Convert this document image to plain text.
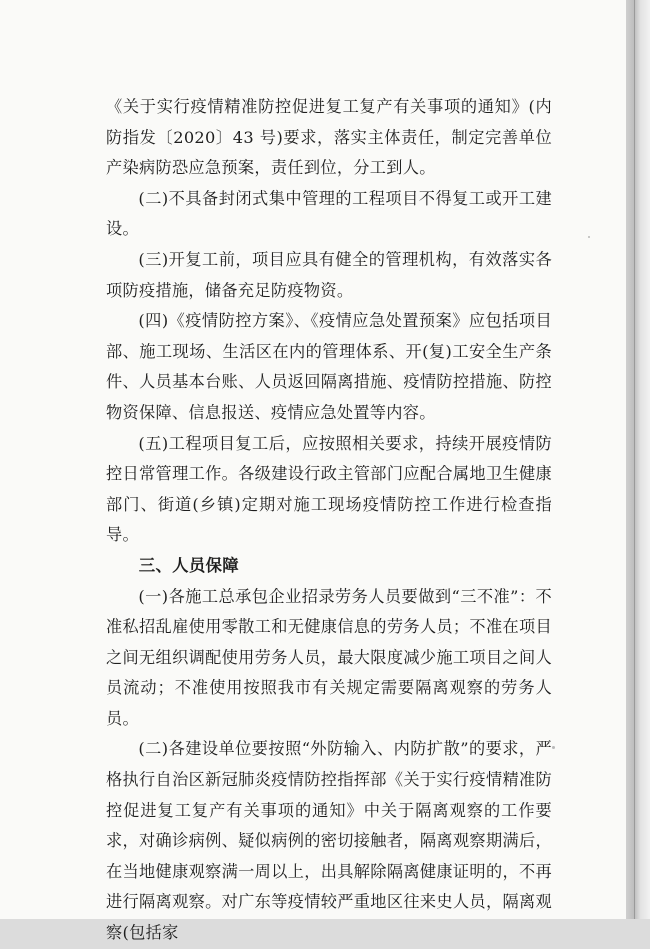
《关于实行疫情精准防控促进复工复产有关事项的通知》(内防指发〔2020〕43 号)要求，落实主体责任，制定完善单位产染病防恐应急预案，责任到位，分工到人。

(二)不具备封闭式集中管理的工程项目不得复工或开工建设。

(三)开复工前，项目应具有健全的管理机构，有效落实各项防疫措施，储备充足防疫物资。

(四)《疫情防控方案》、《疫情应急处置预案》应包括项目部、施工现场、生活区在内的管理体系、开(复)工安全生产条件、人员基本台账、人员返回隔离措施、疫情防控措施、防控物资保障、信息报送、疫情应急处置等内容。

(五)工程项目复工后，应按照相关要求，持续开展疫情防控日常管理工作。各级建设行政主管部门应配合属地卫生健康部门、街道(乡镇)定期对施工现场疫情防控工作进行检查指导。

三、人员保障

(一)各施工总承包企业招录劳务人员要做到“三不准”：不准私招乱雇使用零散工和无健康信息的劳务人员；不准在项目之间无组织调配使用劳务人员，最大限度减少施工项目之间人员流动；不准使用按照我市有关规定需要隔离观察的劳务人员。

(二)各建设单位要按照“外防输入、内防扩散”的要求，严格执行自治区新冠肺炎疫情防控指挥部《关于实行疫情精准防控促进复工复产有关事项的通知》中关于隔离观察的工作要求，对确诊病例、疑似病例的密切接触者，隔离观察期满后，在当地健康观察满一周以上，出具解除隔离健康证明的，不再进行隔离观察。对广东等疫情较严重地区往来史人员，隔离观察(包括家
